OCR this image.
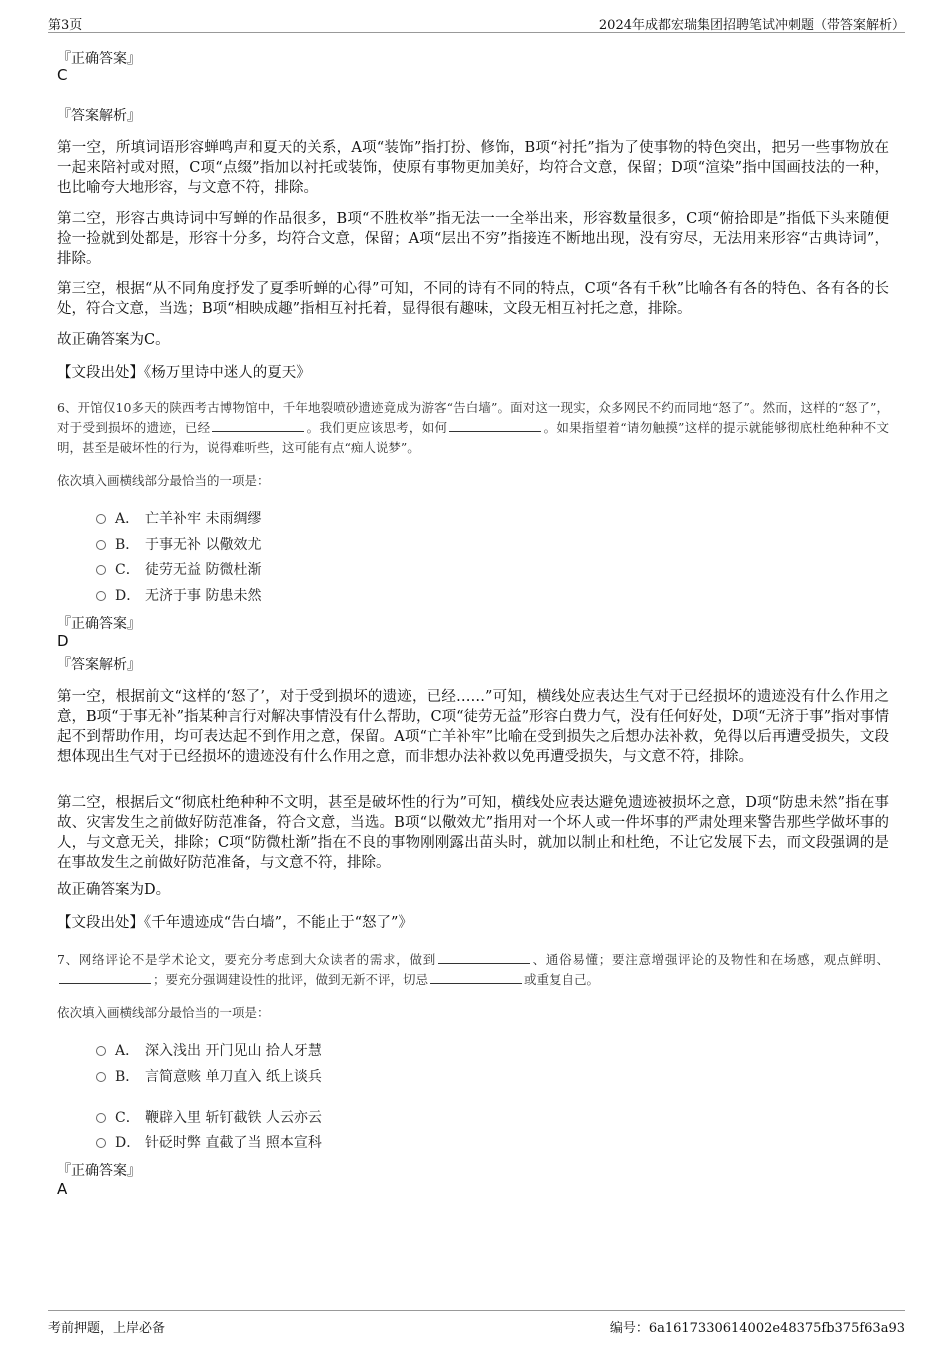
第3页	2024年成都宏瑞集团招聘笔试冲刺题（带答案解析）
『正确答案』
C
『答案解析』
第一空，所填词语形容蝉鸣声和夏天的关系，A项“装饰”指打扮、修饰，B项“衬托”指为了使事物的特色突出，把另一些事物放在一起来陪衬或对照，C项“点缀”指加以衬托或装饰，使原有事物更加美好，均符合文意，保留；D项“渲染”指中国画技法的一种，也比喻夸大地形容，与文意不符，排除。
第二空，形容古典诗词中写蝉的作品很多，B项“不胜枚举”指无法一一全举出来，形容数量很多，C项“俯拾即是”指低下头来随便捡一捡就到处都是，形容十分多，均符合文意，保留；A项“层出不穷”指接连不断地出现，没有穷尽，无法用来形容“古典诗词”，排除。
第三空，根据“从不同角度抒发了夏季听蝉的心得”可知，不同的诗有不同的特点，C项“各有千秋”比喻各有各的特色、各有各的长处，符合文意，当选；B项“相映成趣”指相互衬托着，显得很有趣味，文段无相互衬托之意，排除。
故正确答案为C。
【文段出处】《杨万里诗中迷人的夏天》
6、开馆仅10多天的陕西考古博物馆中，千年地裂喷砂遗迹竟成为游客“告白墙”。面对这一现实，众多网民不约而同地“怒了”。然而，这样的“怒了”，对于受到损坏的遗迹，已经	。我们更应该思考，如何	。如果指望着“请勿触摸”这样的提示就能够彻底杜绝种种不文明，甚至是破坏性的行为，说得难听些，这可能有点“痴人说梦”。
依次填入画横线部分最恰当的一项是：
A． 亡羊补牢 未雨绸缪
B． 于事无补 以儆效尤
C． 徒劳无益 防微杜渐
D． 无济于事 防患未然
『正确答案』
D
『答案解析』
第一空，根据前文“这样的‘怒了’，对于受到损坏的遗迹，已经……”可知，横线处应表达生气对于已经损坏的遗迹没有什么作用之意，B项“于事无补”指某种言行对解决事情没有什么帮助，C项“徒劳无益”形容白费力气，没有任何好处，D项“无济于事”指对事情起不到帮助作用，均可表达起不到作用之意，保留。A项“亡羊补牢”比喻在受到损失之后想办法补救，免得以后再遭受损失，文段想体现出生气对于已经损坏的遗迹没有什么作用之意，而非想办法补救以免再遭受损失，与文意不符，排除。
第二空，根据后文“彻底杜绝种种不文明，甚至是破坏性的行为”可知，横线处应表达避免遗迹被损坏之意，D项“防患未然”指在事故、灾害发生之前做好防范准备，符合文意，当选。B项“以儆效尤”指用对一个坏人或一件坏事的严肃处理来警告那些学做坏事的人，与文意无关，排除；C项“防微杜渐”指在不良的事物刚刚露出苗头时，就加以制止和杜绝，不让它发展下去，而文段强调的是在事故发生之前做好防范准备，与文意不符，排除。
故正确答案为D。
【文段出处】《千年遗迹成“告白墙”，不能止于“怒了”》
7、网络评论不是学术论文，要充分考虑到大众读者的需求，做到	、通俗易懂；要注意增强评论的及物性和在场感，观点鲜明、；要充分强调建设性的批评，做到无新不评，切忌	或重复自己。
依次填入画横线部分最恰当的一项是：
A． 深入浅出 开门见山 拾人牙慧
B． 言简意赅 单刀直入 纸上谈兵
C． 鞭辟入里 斩钉截铁 人云亦云
D． 针砭时弊 直截了当 照本宣科
『正确答案』
A
考前押题，上岸必备	编号：6a1617330614002e48375fb375f63a93
